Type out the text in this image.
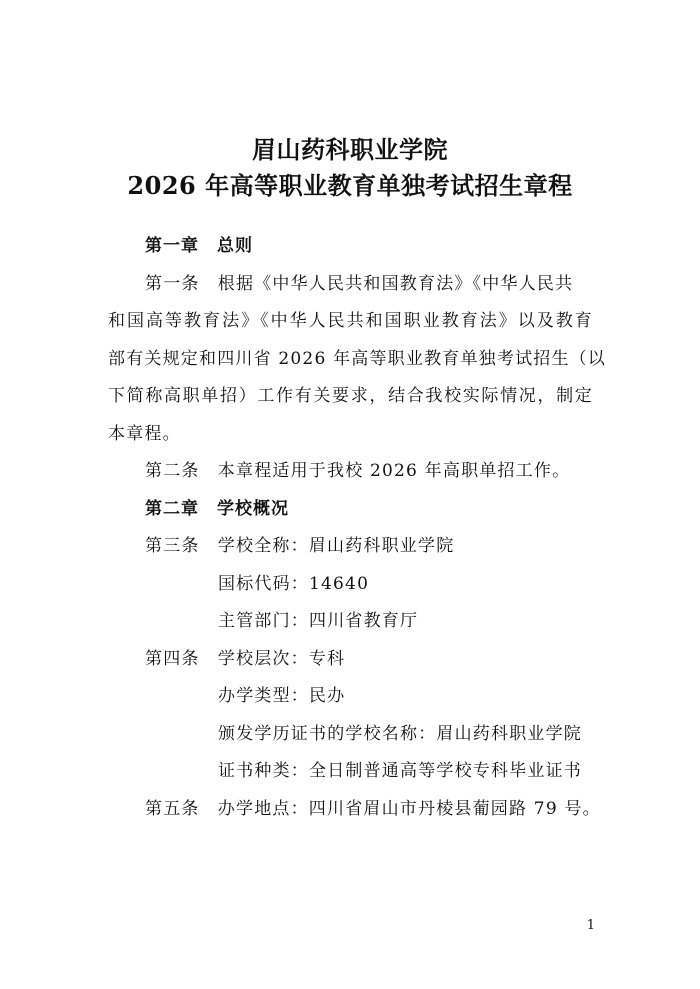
眉山药科职业学院
2026 年高等职业教育单独考试招生章程
第一章　总则
第一条　根据《中华人民共和国教育法》《中华人民共
和国高等教育法》《中华人民共和国职业教育法》以及教育
部有关规定和四川省 2026 年高等职业教育单独考试招生（以
下简称高职单招）工作有关要求，结合我校实际情况，制定
本章程。
第二条　本章程适用于我校 2026 年高职单招工作。
第二章　学校概况
第三条　学校全称：眉山药科职业学院
国标代码：14640
主管部门：四川省教育厅
第四条　学校层次：专科
办学类型：民办
颁发学历证书的学校名称：眉山药科职业学院
证书种类：全日制普通高等学校专科毕业证书
第五条　办学地点：四川省眉山市丹棱县葡园路 79 号。
1
